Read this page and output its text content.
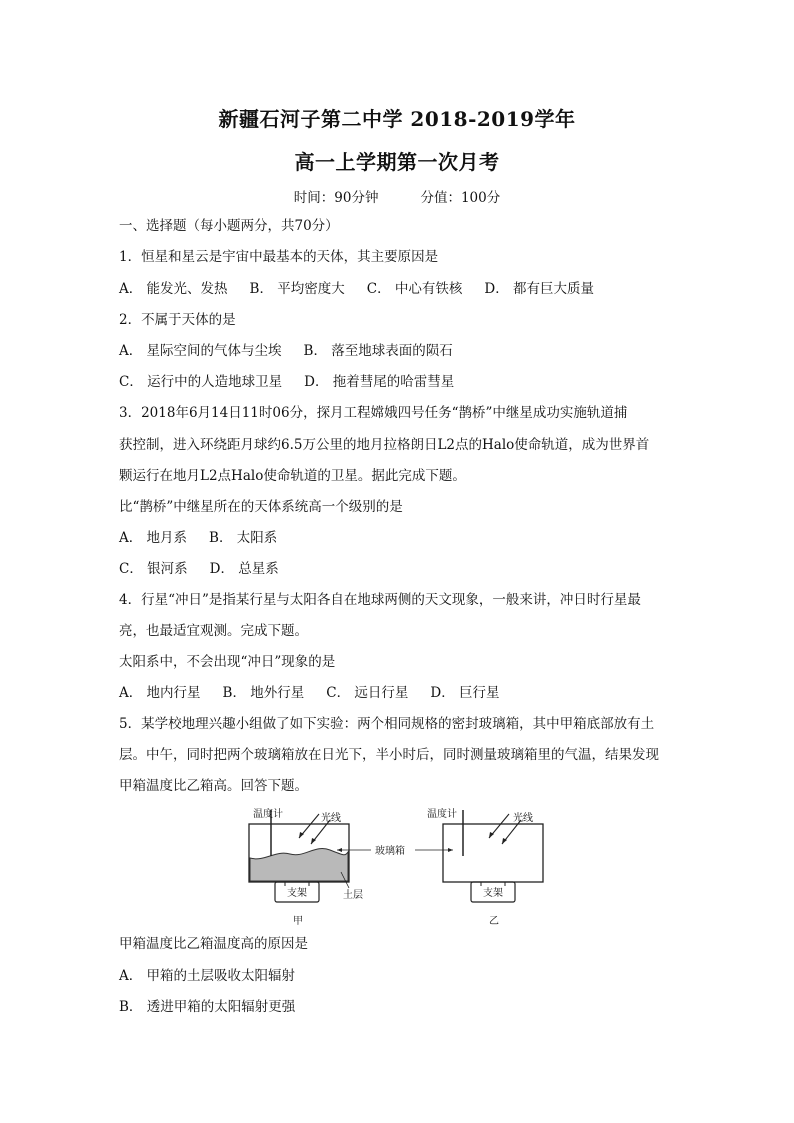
新疆石河子第二中学 2018-2019学年
高一上学期第一次月考
时间：90分钟	分值：100分
一、选择题（每小题两分，共70分）
1．恒星和星云是宇宙中最基本的天体，其主要原因是
A． 能发光、发热 B． 平均密度大 C． 中心有铁核 D． 都有巨大质量
2．不属于天体的是
A． 星际空间的气体与尘埃 B． 落至地球表面的陨石
C． 运行中的人造地球卫星 D． 拖着彗尾的哈雷彗星
3．2018年6月14日11时06分，探月工程嫦娥四号任务“鹊桥”中继星成功实施轨道捕
获控制，进入环绕距月球约6.5万公里的地月拉格朗日L2点的Halo使命轨道，成为世界首
颗运行在地月L2点Halo使命轨道的卫星。据此完成下题。
比“鹊桥”中继星所在的天体系统高一个级别的是
A． 地月系 B． 太阳系
C． 银河系 D． 总星系
4．行星“冲日”是指某行星与太阳各自在地球两侧的天文现象，一般来讲，冲日时行星最
亮，也最适宜观测。完成下题。
太阳系中，不会出现“冲日”现象的是
A． 地内行星 B． 地外行星 C． 远日行星 D． 巨行星
5．某学校地理兴趣小组做了如下实验：两个相同规格的密封玻璃箱，其中甲箱底部放有土
层。中午，同时把两个玻璃箱放在日光下，半小时后，同时测量玻璃箱里的气温，结果发现
甲箱温度比乙箱高。回答下题。
温度计	光线
玻璃箱
土层
支架
甲
温度计	光线
支架
乙
甲箱温度比乙箱温度高的原因是
A． 甲箱的土层吸收太阳辐射
B． 透进甲箱的太阳辐射更强
